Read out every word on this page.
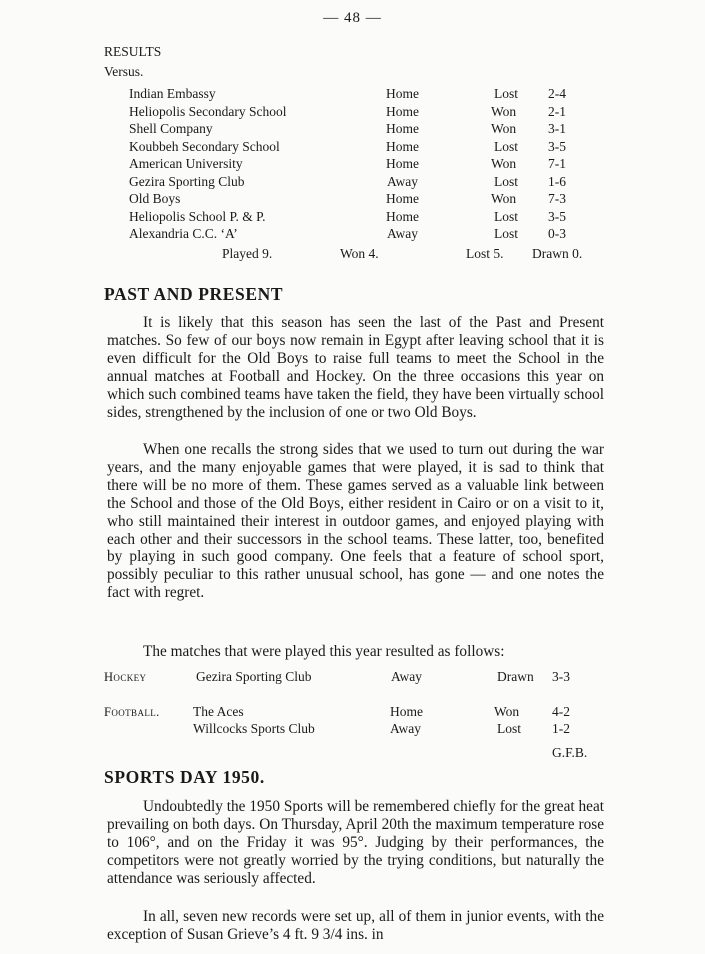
— 48 —
RESULTS
Versus.
Indian Embassy	Home	Lost 2-4
Heliopolis Secondary School	Home	Won 2-1
Shell Company	Home	Won 3-1
Koubbeh Secondary School	Home	Lost 3-5
American University	Home	Won 7-1
Gezira Sporting Club	Away	Lost 1-6
Old Boys	Home	Won 7-3
Heliopolis School P. & P.	Home	Lost 3-5
Alexandria C.C. ‘A’	Away	Lost 0-3
Played 9.	Won 4.	Lost 5. Drawn 0.
PAST AND PRESENT

It is likely that this season has seen the last of the Past and Present matches. So few of our boys now remain in Egypt after leaving school that it is even difficult for the Old Boys to raise full teams to meet the School in the annual matches at Football and Hockey. On the three occasions this year on which such combined teams have taken the field, they have been virtually school sides, strengthened by the inclusion of one or two Old Boys.

When one recalls the strong sides that we used to turn out during the war years, and the many enjoyable games that were played, it is sad to think that there will be no more of them. These games served as a valuable link between the School and those of the Old Boys, either resident in Cairo or on a visit to it, who still maintained their interest in outdoor games, and enjoyed playing with each other and their successors in the school teams. These latter, too, benefited by playing in such good company. One feels that a feature of school sport, possibly peculiar to this rather unusual school, has gone — and one notes the fact with regret.

The matches that were played this year resulted as follows:

Hockey	Gezira Sporting Club	Away	Drawn 3-3
Football. The Aces	Home	Won 4-2
Willcocks Sports Club	Away	Lost 1-2
G.F.B.
SPORTS DAY 1950.

Undoubtedly the 1950 Sports will be remembered chiefly for the great heat prevailing on both days. On Thursday, April 20th the maximum temperature rose to 106°, and on the Friday it was 95°. Judging by their performances, the competitors were not greatly worried by the trying conditions, but naturally the attendance was seriously affected.

In all, seven new records were set up, all of them in junior events, with the exception of Susan Grieve’s 4 ft. 9 3/4 ins. in
